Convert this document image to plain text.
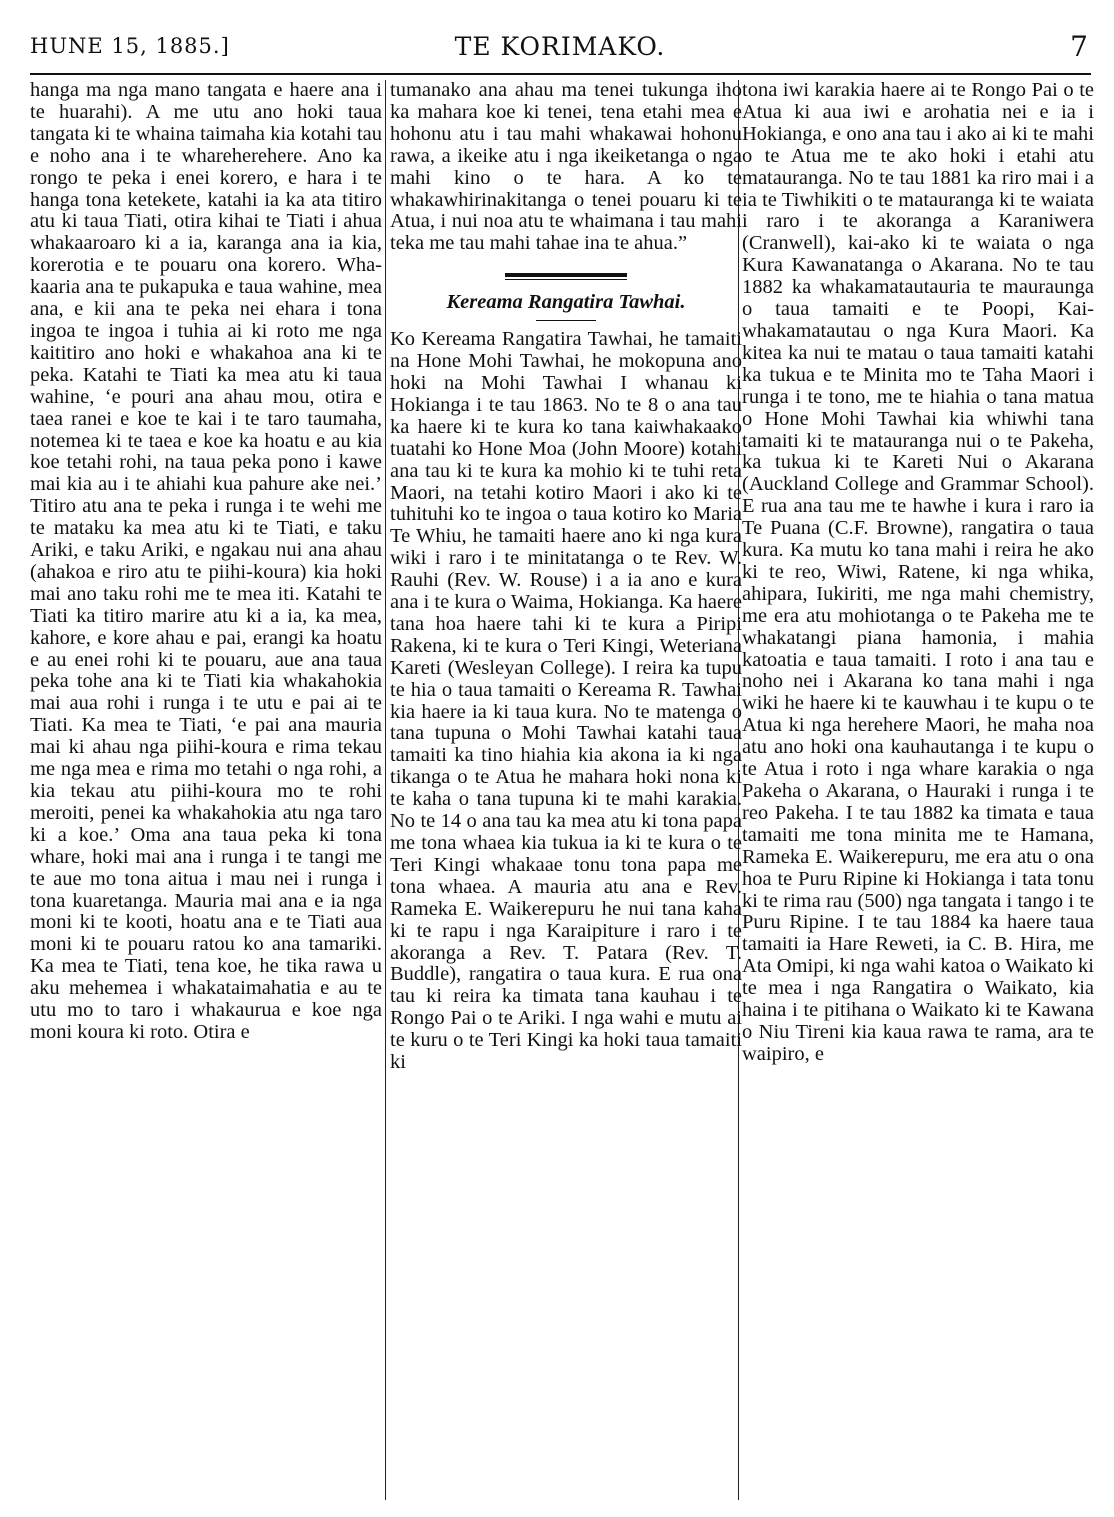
HUNE 15, 1885.]	TE KORIMAKO.	7

hanga ma nga mano tangata e haere ana i te huarahi). A me utu ano hoki taua tangata ki te whaina taimaha kia kotahi tau e noho ana i te whareherehere. Ano ka rongo te peka i enei korero, e hara i te hanga tona ketekete, katahi ia ka ata titiro atu ki taua Tiati, otira kihai te Tiati i ahua whakaaroaro ki a ia, karanga ana ia kia, korerotia e te pouaru ona korero. Whakaaria ana te pukapuka e taua wahine, mea ana, e kii ana te peka nei ehara i tona ingoa te ingoa i tuhia ai ki roto me nga kaititiro ano hoki e whakahoa ana ki te peka. Katahi te Tiati ka mea atu ki taua wahine, ‘e pouri ana ahau mou, otira e taea ranei e koe te kai i te taro taumaha, notemea ki te taea e koe ka hoatu e au kia koe tetahi rohi, na taua peka pono i kawe mai kia au i te ahiahi kua pahure ake nei.’ Titiro atu ana te peka i runga i te wehi me te mataku ka mea atu ki te Tiati, e taku Ariki, e taku Ariki, e ngakau nui ana ahau (ahakoa e riro atu te piihi-koura) kia hoki mai ano taku rohi me te mea iti. Katahi te Tiati ka titiro marire atu ki a ia, ka mea, kahore, e kore ahau e pai, erangi ka hoatu e au enei rohi ki te pouaru, aue ana taua peka tohe ana ki te Tiati kia whakahokia mai aua rohi i runga i te utu e pai ai te Tiati. Ka mea te Tiati, ‘e pai ana mauria mai ki ahau nga piihi-koura e rima tekau me nga mea e rima mo tetahi o nga rohi, a kia tekau atu piihi-koura mo te rohi meroiti, penei ka whakahokia atu nga taro ki a koe.’ Oma ana taua peka ki tona whare, hoki mai ana i runga i te tangi me te aue mo tona aitua i mau nei i runga i tona kuaretanga. Mauria mai ana e ia nga moni ki te kooti, hoatu ana e te Tiati aua moni ki te pouaru ratou ko ana tamariki. Ka mea te Tiati, tena koe, he tika rawa u aku mehemea i whakataimahatia e au te utu mo to taro i whakaurua e koe nga moni koura ki roto. Otira e

tumanako ana ahau ma tenei tukunga iho ka mahara koe ki tenei, tena etahi mea e hohonu atu i tau mahi whakawai hohonu rawa, a ikeike atu i nga ikeiketanga o nga mahi kino o te hara. A ko te whakawhirinakitanga o tenei pouaru ki te Atua, i nui noa atu te whaimana i tau mahi teka me tau mahi tahae ina te ahua.”

Kereama Rangatira Tawhai.

Ko Kereama Rangatira Tawhai, he tamaiti na Hone Mohi Tawhai, he mokopuna ano hoki na Mohi Tawhai I whanau ki Hokianga i te tau 1863. No te 8 o ana tau ka haere ki te kura ko tana kaiwhakaako tuatahi ko Hone Moa (John Moore) kotahi ana tau ki te kura ka mohio ki te tuhi reta Maori, na tetahi kotiro Maori i ako ki te tuhituhi ko te ingoa o taua kotiro ko Maria Te Whiu, he tamaiti haere ano ki nga kura wiki i raro i te minitatanga o te Rev. W. Rauhi (Rev. W. Rouse) i a ia ano e kura ana i te kura o Waima, Hokianga. Ka haere tana hoa haere tahi ki te kura a Piripi Rakena, ki te kura o Teri Kingi, Weteriana Kareti (Wesleyan College). I reira ka tupu te hia o taua tamaiti o Kereama R. Tawhai kia haere ia ki taua kura. No te matenga o tana tupuna o Mohi Tawhai katahi taua tamaiti ka tino hiahia kia akona ia ki nga tikanga o te Atua he mahara hoki nona ki te kaha o tana tupuna ki te mahi karakia. No te 14 o ana tau ka mea atu ki tona papa me tona whaea kia tukua ia ki te kura o te Teri Kingi whakaae tonu tona papa me tona whaea. A mauria atu ana e Rev. Rameka E. Waikerepuru he nui tana kaha ki te rapu i nga Karaipiture i raro i te akoranga a Rev. T. Patara (Rev. T. Buddle), rangatira o taua kura. E rua ona tau ki reira ka timata tana kauhau i te Rongo Pai o te Ariki. I nga wahi e mutu ai te kuru o te Teri Kingi ka hoki taua tamaiti ki

tona iwi karakia haere ai te Rongo Pai o te Atua ki aua iwi e arohatia nei e ia i Hokianga, e ono ana tau i ako ai ki te mahi o te Atua me te ako hoki i etahi atu matauranga. No te tau 1881 ka riro mai i a ia te Tiwhikiti o te matauranga ki te waiata i raro i te akoranga a Karaniwera (Cranwell), kai-ako ki te waiata o nga Kura Kawanatanga o Akarana. No te tau 1882 ka whakamatautauria te mauraunga o taua tamaiti e te Poopi, Kai-whakamatautau o nga Kura Maori. Ka kitea ka nui te matau o taua tamaiti katahi ka tukua e te Minita mo te Taha Maori i runga i te tono, me te hiahia o tana matua o Hone Mohi Tawhai kia whiwhi tana tamaiti ki te matauranga nui o te Pakeha, ka tukua ki te Kareti Nui o Akarana (Auckland College and Grammar School). E rua ana tau me te hawhe i kura i raro ia Te Puana (C.F. Browne), rangatira o taua kura. Ka mutu ko tana mahi i reira he ako ki te reo, Wiwi, Ratene, ki nga whika, ahipara, Iukiriti, me nga mahi chemistry, me era atu mohiotanga o te Pakeha me te whakatangi piana hamonia, i mahia katoatia e taua tamaiti. I roto i ana tau e noho nei i Akarana ko tana mahi i nga wiki he haere ki te kauwhau i te kupu o te Atua ki nga herehere Maori, he maha noa atu ano hoki ona kauhautanga i te kupu o te Atua i roto i nga whare karakia o nga Pakeha o Akarana, o Hauraki i runga i te reo Pakeha. I te tau 1882 ka timata e taua tamaiti me tona minita me te Hamana, Rameka E. Waikerepuru, me era atu o ona hoa te Puru Ripine ki Hokianga i tata tonu ki te rima rau (500) nga tangata i tango i te Puru Ripine. I te tau 1884 ka haere taua tamaiti ia Hare Reweti, ia C. B. Hira, me Ata Omipi, ki nga wahi katoa o Waikato ki te mea i nga Rangatira o Waikato, kia haina i te pitihana o Waikato ki te Kawana o Niu Tireni kia kaua rawa te rama, ara te waipiro, e
